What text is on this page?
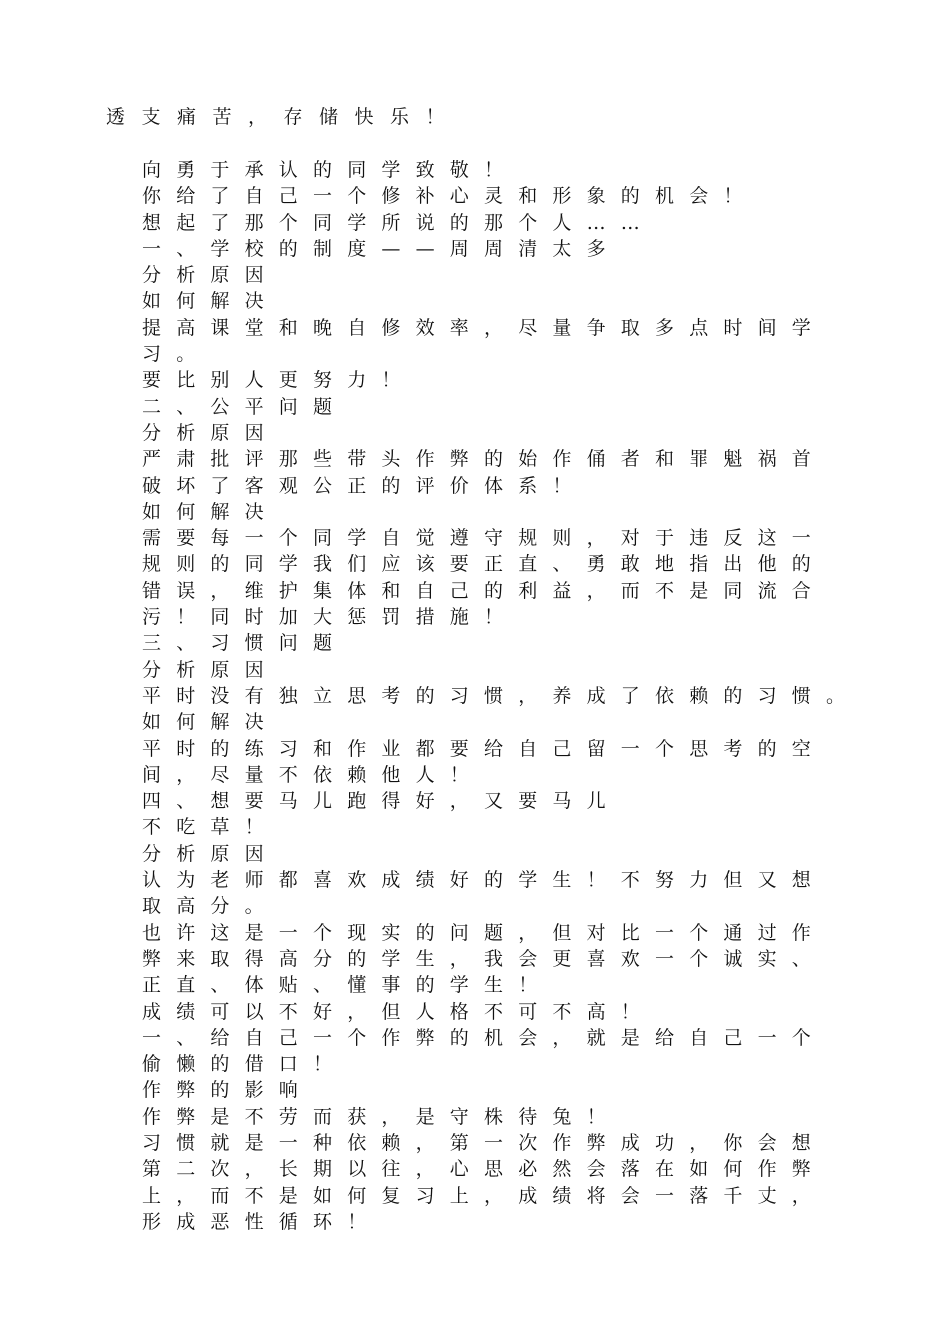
透支痛苦，存储快乐！
向勇于承认的同学致敬！
你给了自己一个修补心灵和形象的机会！
想起了那个同学所说的那个人……
一、学校的制度——周周清太多
分析原因
如何解决
提高课堂和晚自修效率，尽量争取多点时间学
习。
要比别人更努力！
二、公平问题
分析原因
严肃批评那些带头作弊的始作俑者和罪魁祸首
破坏了客观公正的评价体系！
如何解决
需要每一个同学自觉遵守规则，对于违反这一
规则的同学我们应该要正直、勇敢地指出他的
错误，维护集体和自己的利益，而不是同流合
污！同时加大惩罚措施！
三、习惯问题
分析原因
平时没有独立思考的习惯，养成了依赖的习惯。
如何解决
平时的练习和作业都要给自己留一个思考的空
间，尽量不依赖他人！
四、想要马儿跑得好，又要马儿
不吃草！
分析原因
认为老师都喜欢成绩好的学生！不努力但又想
取高分。
也许这是一个现实的问题，但对比一个通过作
弊来取得高分的学生，我会更喜欢一个诚实、
正直、体贴、懂事的学生！
成绩可以不好，但人格不可不高！
一、给自己一个作弊的机会，就是给自己一个
偷懒的借口！
作弊的影响
作弊是不劳而获，是守株待兔！
习惯就是一种依赖，第一次作弊成功，你会想
第二次，长期以往，心思必然会落在如何作弊
上，而不是如何复习上，成绩将会一落千丈，
形成恶性循环！
